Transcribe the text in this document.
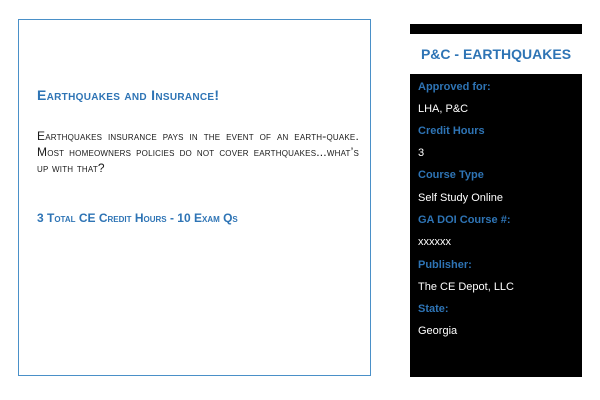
Earthquakes and Insurance!

Earthquakes insurance pays in the event of an earth-quake. Most homeowners policies do not cover earthquakes...what’s up with that?

3 Total CE Credit Hours - 10 Exam Qs

P&C - EARTHQUAKES
Approved for:
LHA, P&C
Credit Hours
3
Course Type
Self Study Online
GA DOI Course #:
xxxxxx
Publisher:
The CE Depot, LLC
State:
Georgia
